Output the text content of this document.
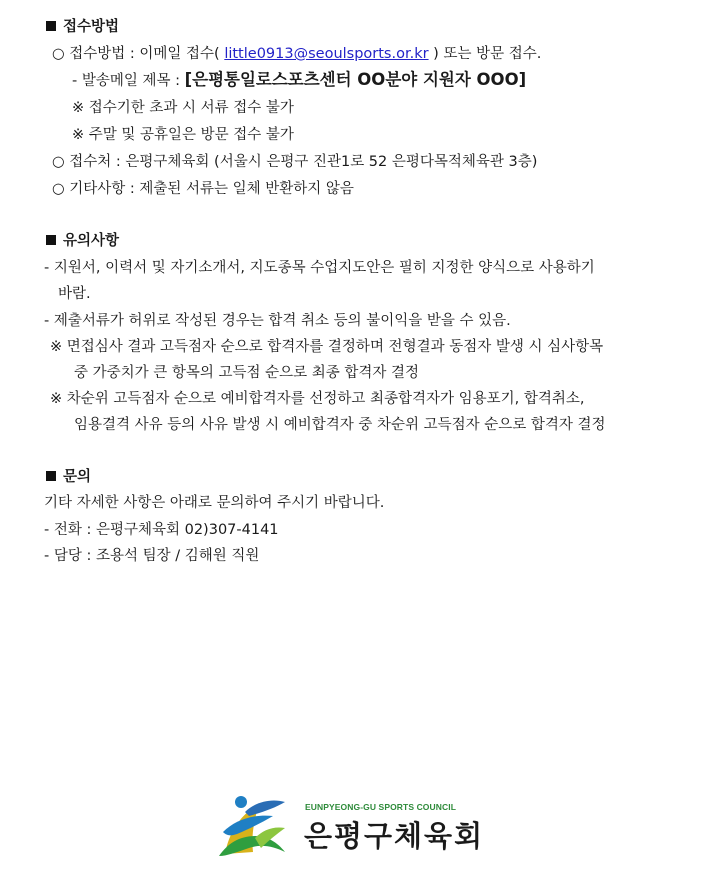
접수방법
○ 접수방법 : 이메일 접수( little0913@seoulsports.or.kr ) 또는 방문 접수.
- 발송메일 제목 : [은평통일로스포츠센터 OO분야 지원자 OOO]
※ 접수기한 초과 시 서류 접수 불가
※ 주말 및 공휴일은 방문 접수 불가
○ 접수처 : 은평구체육회 (서울시 은평구 진관1로 52 은평다목적체육관 3층)
○ 기타사항 : 제출된 서류는 일체 반환하지 않음
유의사항
- 지원서, 이력서 및 자기소개서, 지도종목 수업지도안은 필히 지정한 양식으로 사용하기
바람.
- 제출서류가 허위로 작성된 경우는 합격 취소 등의 불이익을 받을 수 있음.
※ 면접심사 결과 고득점자 순으로 합격자를 결정하며 전형결과 동점자 발생 시 심사항목
중 가중치가 큰 항목의 고득점 순으로 최종 합격자 결정
※ 차순위 고득점자 순으로 예비합격자를 선정하고 최종합격자가 임용포기, 합격취소,
임용결격 사유 등의 사유 발생 시 예비합격자 중 차순위 고득점자 순으로 합격자 결정
문의
기타 자세한 사항은 아래로 문의하여 주시기 바랍니다.
- 전화 : 은평구체육회 02)307-4141
- 담당 : 조용석 팀장 / 김해원 직원
EUNPYEONG-GU SPORTS COUNCIL
은평구체육회
